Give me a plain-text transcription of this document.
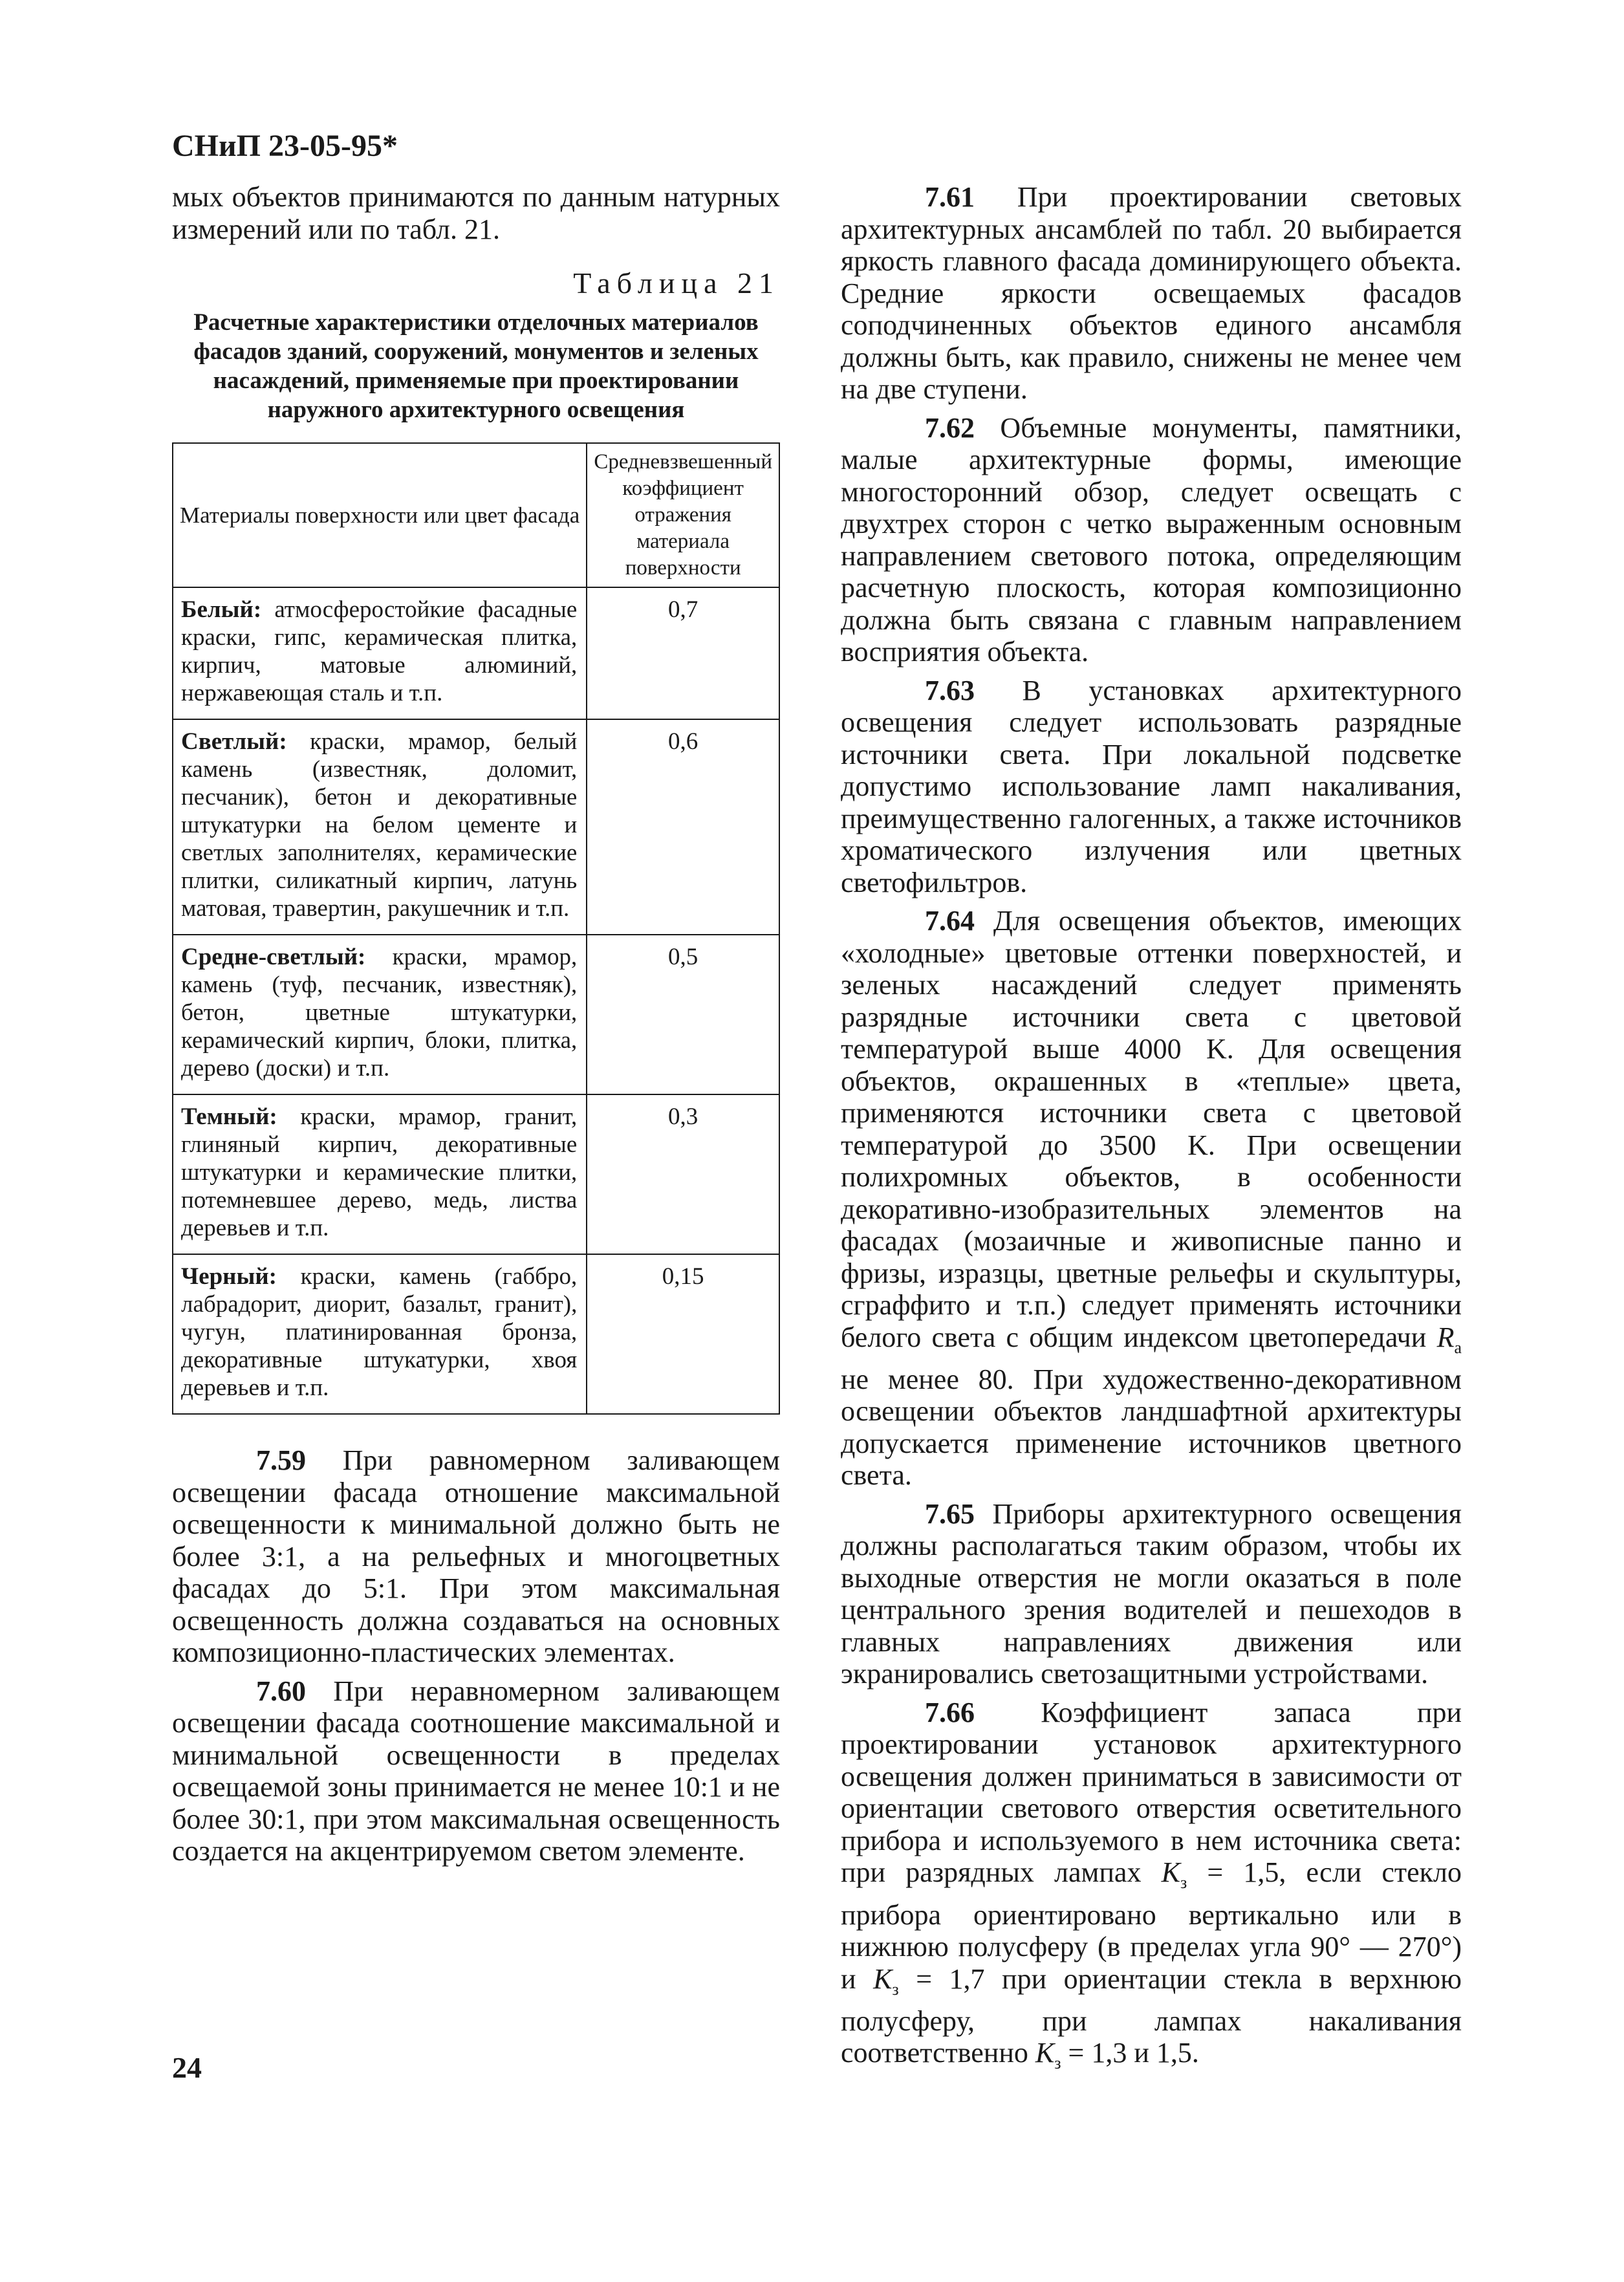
СНиП 23-05-95*

мых объектов принимаются по данным натурных измерений или по табл. 21.

Таблица 21
Расчетные характеристики отделочных материалов фасадов зданий, сооружений, монументов и зеленых насаждений, применяемые при проектировании наружного архитектурного освещения
Материалы поверхности или цвет фасада	Средневзвешенный коэффициент отражения материала поверхности
Белый: атмосферостойкие фасадные краски, гипс, керамическая плитка, кирпич, матовые алюминий, нержавеющая сталь и т.п.	0,7
Светлый: краски, мрамор, белый камень (известняк, доломит, песчаник), бетон и декоративные штукатурки на белом цементе и светлых заполнителях, керамические плитки, силикатный кирпич, латунь матовая, травертин, ракушечник и т.п.	0,6
Средне-светлый: краски, мрамор, камень (туф, песчаник, известняк), бетон, цветные штукатурки, керамический кирпич, блоки, плитка, дерево (доски) и т.п.	0,5
Темный: краски, мрамор, гранит, глиняный кирпич, декоративные штукатурки и керамические плитки, потемневшее дерево, медь, листва деревьев и т.п.	0,3
Черный: краски, камень (габбро, лабрадорит, диорит, базальт, гранит), чугун, платинированная бронза, декоративные штукатурки, хвоя деревьев и т.п.	0,15

7.59 При равномерном заливающем освещении фасада отношение максимальной освещенности к минимальной должно быть не более 3:1, а на рельефных и многоцветных фасадах до 5:1. При этом максимальная освещенность должна создаваться на основных композиционно-пластических элементах.

7.60 При неравномерном заливающем освещении фасада соотношение максимальной и минимальной освещенности в пределах освещаемой зоны принимается не менее 10:1 и не более 30:1, при этом максимальная освещенность создается на акцентрируемом светом элементе.

7.61 При проектировании световых архитектурных ансамблей по табл. 20 выбирается яркость главного фасада доминирующего объекта. Средние яркости освещаемых фасадов соподчиненных объектов единого ансамбля должны быть, как правило, снижены не менее чем на две ступени.

7.62 Объемные монументы, памятники, малые архитектурные формы, имеющие многосторонний обзор, следует освещать с двухтрех сторон с четко выраженным основным направлением светового потока, определяющим расчетную плоскость, которая композиционно должна быть связана с главным направлением восприятия объекта.

7.63 В установках архитектурного освещения следует использовать разрядные источники света. При локальной подсветке допустимо использование ламп накаливания, преимущественно галогенных, а также источников хроматического излучения или цветных светофильтров.

7.64 Для освещения объектов, имеющих «холодные» цветовые оттенки поверхностей, и зеленых насаждений следует применять разрядные источники света с цветовой температурой выше 4000 K. Для освещения объектов, окрашенных в «теплые» цвета, применяются источники света с цветовой температурой до 3500 K. При освещении полихромных объектов, в особенности декоративно-изобразительных элементов на фасадах (мозаичные и живописные панно и фризы, изразцы, цветные рельефы и скульптуры, сграффито и т.п.) следует применять источники белого света с общим индексом цветопередачи $R_a$ не менее 80. При художественно-декоративном освещении объектов ландшафтной архитектуры допускается применение источников цветного света.

7.65 Приборы архитектурного освещения должны располагаться таким образом, чтобы их выходные отверстия не могли оказаться в поле центрального зрения водителей и пешеходов в главных направлениях движения или экранировались светозащитными устройствами.

7.66 Коэффициент запаса при проектировании установок архитектурного освещения должен приниматься в зависимости от ориентации светового отверстия осветительного прибора и используемого в нем источника света: при разрядных лампах $K_з = 1,5$, если стекло прибора ориентировано вертикально или в нижнюю полусферу (в пределах угла 90° — 270°) и $K_з = 1,7$ при ориентации стекла в верхнюю полусферу, при лампах накаливания соответственно $K_з = 1,3$ и 1,5.

24
